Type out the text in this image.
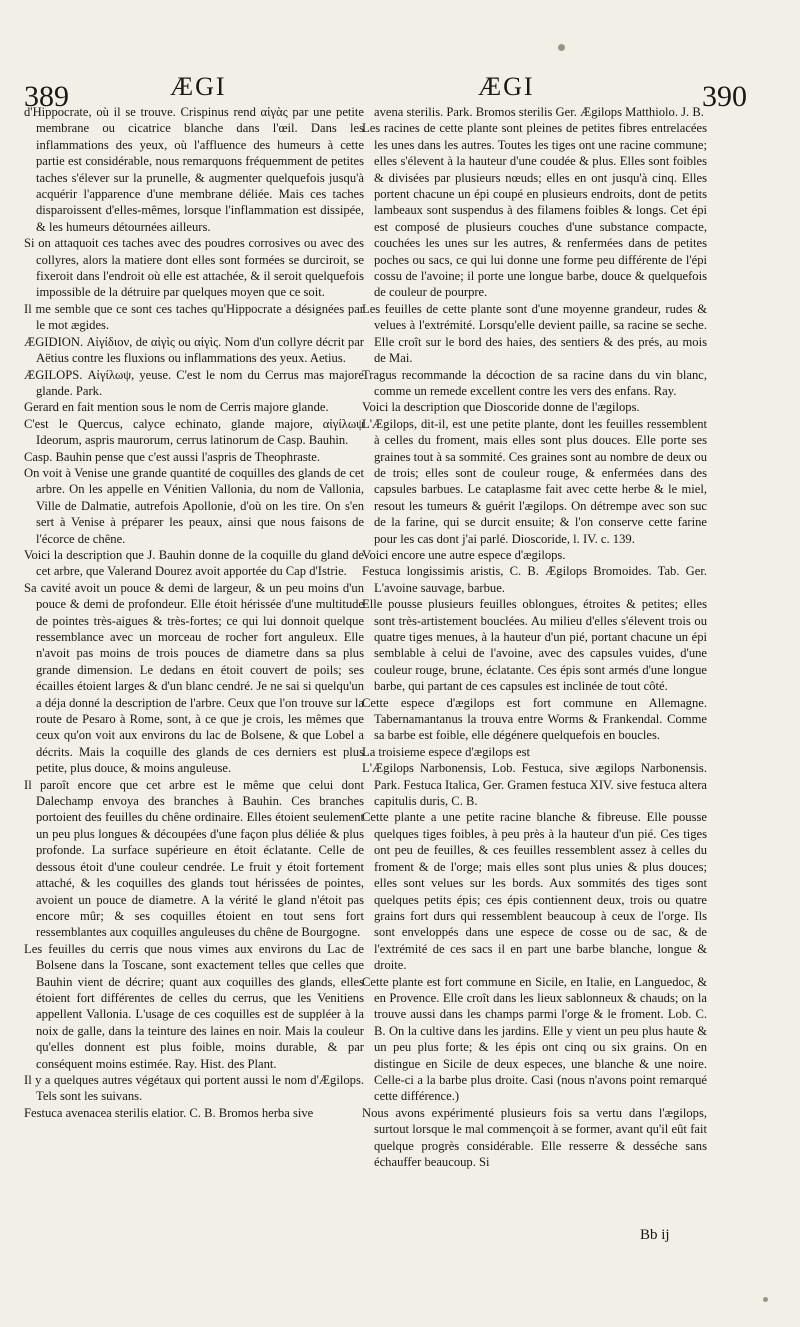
389	ÆGI	ÆGI	390

d'Hippocrate, où il se trouve. Crispinus rend αἰγὰς par une petite membrane ou cicatrice blanche dans l'œil. Dans les inflammations des yeux, où l'affluence des humeurs à cette partie est considérable, nous remarquons fréquemment de petites taches s'élever sur la prunelle, & augmenter quelquefois jusqu'à acquérir l'apparence d'une membrane déliée. Mais ces taches disparoissent d'elles-mêmes, lorsque l'inflammation est dissipée, & les humeurs détournées ailleurs.

Si on attaquoit ces taches avec des poudres corrosives ou avec des collyres, alors la matiere dont elles sont formées se durciroit, se fixeroit dans l'endroit où elle est attachée, & il seroit quelquefois impossible de la détruire par quelques moyen que ce soit.

Il me semble que ce sont ces taches qu'Hippocrate a désignées par le mot ægides.

ÆGIDION. Αἰγίδιον, de αἰγὶς ou αἰγὶς. Nom d'un collyre décrit par Aëtius contre les fluxions ou inflammations des yeux. Aetius.

ÆGILOPS. Αἰγίλωψ, yeuse. C'est le nom du Cerrus mas majore glande. Park.

Gerard en fait mention sous le nom de Cerris majore glande.

C'est le Quercus, calyce echinato, glande majore, αἰγίλωψ Ideorum, aspris maurorum, cerrus latinorum de Casp. Bauhin.

Casp. Bauhin pense que c'est aussi l'aspris de Theophraste.

On voit à Venise une grande quantité de coquilles des glands de cet arbre. On les appelle en Vénitien Vallonia, du nom de Vallonia, Ville de Dalmatie, autrefois Apollonie, d'où on les tire. On s'en sert à Venise à préparer les peaux, ainsi que nous faisons de l'écorce de chêne.

Voici la description que J. Bauhin donne de la coquille du gland de cet arbre, que Valerand Dourez avoit apportée du Cap d'Istrie.

Sa cavité avoit un pouce & demi de largeur, & un peu moins d'un pouce & demi de profondeur. Elle étoit hérissée d'une multitude de pointes très-aigues & très-fortes; ce qui lui donnoit quelque ressemblance avec un morceau de rocher fort anguleux. Elle n'avoit pas moins de trois pouces de diametre dans sa plus grande dimension. Le dedans en étoit couvert de poils; ses écailles étoient larges & d'un blanc cendré. Je ne sai si quelqu'un a déja donné la description de l'arbre. Ceux que l'on trouve sur la route de Pesaro à Rome, sont, à ce que je crois, les mêmes que ceux qu'on voit aux environs du lac de Bolsene, & que Lobel a décrits. Mais la coquille des glands de ces derniers est plus petite, plus douce, & moins anguleuse.

Il paroît encore que cet arbre est le même que celui dont Dalechamp envoya des branches à Bauhin. Ces branches portoient des feuilles du chêne ordinaire. Elles étoient seulement un peu plus longues & découpées d'une façon plus déliée & plus profonde. La surface supérieure en étoit éclatante. Celle de dessous étoit d'une couleur cendrée. Le fruit y étoit fortement attaché, & les coquilles des glands tout hérissées de pointes, avoient un pouce de diametre. A la vérité le gland n'étoit pas encore mûr; & ses coquilles étoient en tout sens fort ressemblantes aux coquilles anguleuses du chêne de Bourgogne.

Les feuilles du cerris que nous vimes aux environs du Lac de Bolsene dans la Toscane, sont exactement telles que celles que Bauhin vient de décrire; quant aux coquilles des glands, elles étoient fort différentes de celles du cerrus, que les Venitiens appellent Vallonia. L'usage de ces coquilles est de suppléer à la noix de galle, dans la teinture des laines en noir. Mais la couleur qu'elles donnent est plus foible, moins durable, & par conséquent moins estimée. Ray. Hist. des Plant.

Il y a quelques autres végétaux qui portent aussi le nom d'Ægilops. Tels sont les suivans.

Festuca avenacea sterilis elatior. C. B. Bromos herba sive

avena sterilis. Park. Bromos sterilis Ger. Ægilops Matthiolo. J. B.

Les racines de cette plante sont pleines de petites fibres entrelacées les unes dans les autres. Toutes les tiges ont une racine commune; elles s'élevent à la hauteur d'une coudée & plus. Elles sont foibles & divisées par plusieurs nœuds; elles en ont jusqu'à cinq. Elles portent chacune un épi coupé en plusieurs endroits, dont de petits lambeaux sont suspendus à des filamens foibles & longs. Cet épi est composé de plusieurs couches d'une substance compacte, couchées les unes sur les autres, & renfermées dans de petites poches ou sacs, ce qui lui donne une forme peu différente de l'épi cossu de l'avoine; il porte une longue barbe, douce & quelquefois de couleur de pourpre.

Les feuilles de cette plante sont d'une moyenne grandeur, rudes & velues à l'extrémité. Lorsqu'elle devient paille, sa racine se seche. Elle croît sur le bord des haies, des sentiers & des prés, au mois de Mai.

Tragus recommande la décoction de sa racine dans du vin blanc, comme un remede excellent contre les vers des enfans. Ray.

Voici la description que Dioscoride donne de l'ægilops.

L'Ægilops, dit-il, est une petite plante, dont les feuilles ressemblent à celles du froment, mais elles sont plus douces. Elle porte ses graines tout à sa sommité. Ces graines sont au nombre de deux ou de trois; elles sont de couleur rouge, & enfermées dans des capsules barbues. Le cataplasme fait avec cette herbe & le miel, resout les tumeurs & guérit l'ægilops. On détrempe avec son suc de la farine, qui se durcit ensuite; & l'on conserve cette farine pour les cas dont j'ai parlé. Dioscoride, l. IV. c. 139.

Voici encore une autre espece d'ægilops.

Festuca longissimis aristis, C. B. Ægilops Bromoides. Tab. Ger. L'avoine sauvage, barbue.

Elle pousse plusieurs feuilles oblongues, étroites & petites; elles sont très-artistement bouclées. Au milieu d'elles s'élevent trois ou quatre tiges menues, à la hauteur d'un pié, portant chacune un épi semblable à celui de l'avoine, avec des capsules vuides, d'une couleur rouge, brune, éclatante. Ces épis sont armés d'une longue barbe, qui partant de ces capsules est inclinée de tout côté.

Cette espece d'ægilops est fort commune en Allemagne. Tabernamantanus la trouva entre Worms & Frankendal. Comme sa barbe est foible, elle dégénere quelquefois en boucles.

La troisieme espece d'ægilops est

L'Ægilops Narbonensis, Lob. Festuca, sive ægilops Narbonensis. Park. Festuca Italica, Ger. Gramen festuca XIV. sive festuca altera capitulis duris, C. B.

Cette plante a une petite racine blanche & fibreuse. Elle pousse quelques tiges foibles, à peu près à la hauteur d'un pié. Ces tiges ont peu de feuilles, & ces feuilles ressemblent assez à celles du froment & de l'orge; mais elles sont plus unies & plus douces; elles sont velues sur les bords. Aux sommités des tiges sont quelques petits épis; ces épis contiennent deux, trois ou quatre grains fort durs qui ressemblent beaucoup à ceux de l'orge. Ils sont enveloppés dans une espece de cosse ou de sac, & de l'extrémité de ces sacs il en part une barbe blanche, longue & droite.

Cette plante est fort commune en Sicile, en Italie, en Languedoc, & en Provence. Elle croît dans les lieux sablonneux & chauds; on la trouve aussi dans les champs parmi l'orge & le froment. Lob. C. B. On la cultive dans les jardins. Elle y vient un peu plus haute & un peu plus forte; & les épis ont cinq ou six grains. On en distingue en Sicile de deux especes, une blanche & une noire. Celle-ci a la barbe plus droite. Casi (nous n'avons point remarqué cette différence.)

Nous avons expérimenté plusieurs fois sa vertu dans l'ægilops, surtout lorsque le mal commençoit à se former, avant qu'il eût fait quelque progrès considérable. Elle resserre & desséche sans échauffer beaucoup. Si

Bb ij
